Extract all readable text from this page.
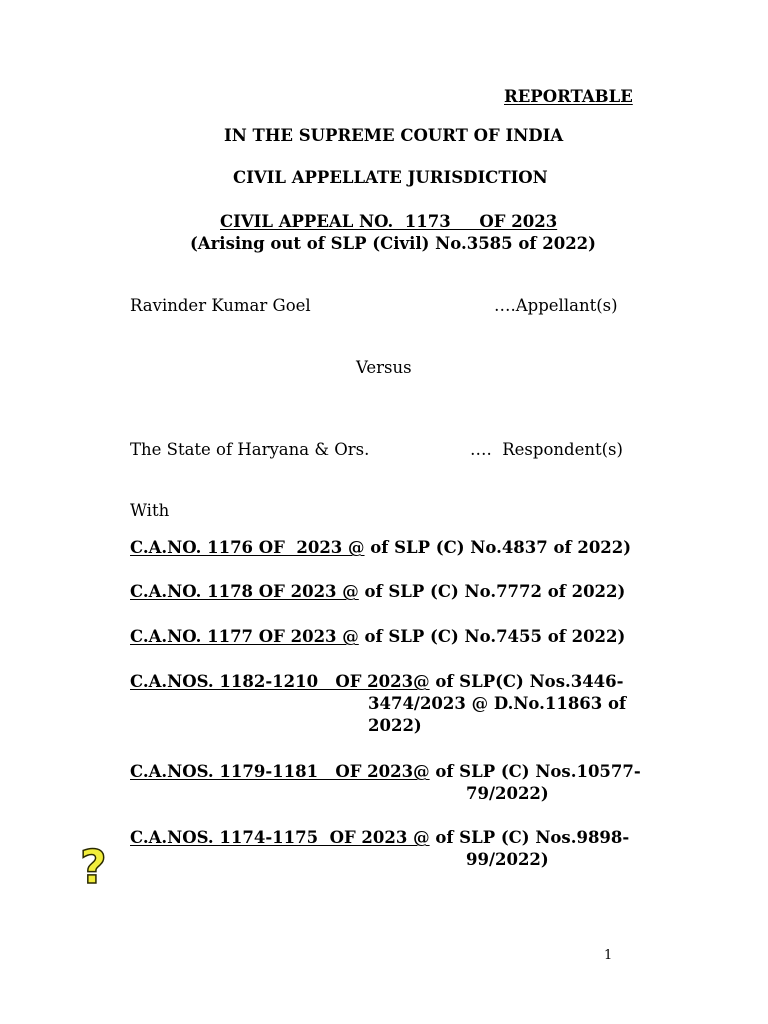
REPORTABLE
IN THE SUPREME COURT OF INDIA
CIVIL APPELLATE JURISDICTION
CIVIL APPEAL NO.  1173     OF 2023
(Arising out of SLP (Civil) No.3585 of 2022)
Ravinder Kumar Goel	….Appellant(s)
Versus
The State of Haryana & Ors.	….  Respondent(s)
With
C.A.NO. 1176 OF  2023 @ of SLP (C) No.4837 of 2022)
C.A.NO. 1178 OF 2023 @ of SLP (C) No.7772 of 2022)
C.A.NO. 1177 OF 2023 @ of SLP (C) No.7455 of 2022)
C.A.NOS. 1182-1210   OF 2023@ of SLP(C) Nos.3446-
3474/2023 @ D.No.11863 of
2022)
C.A.NOS. 1179-1181   OF 2023@ of SLP (C) Nos.10577-
79/2022)
C.A.NOS. 1174-1175  OF 2023 @ of SLP (C) Nos.9898-
99/2022)
?
1
